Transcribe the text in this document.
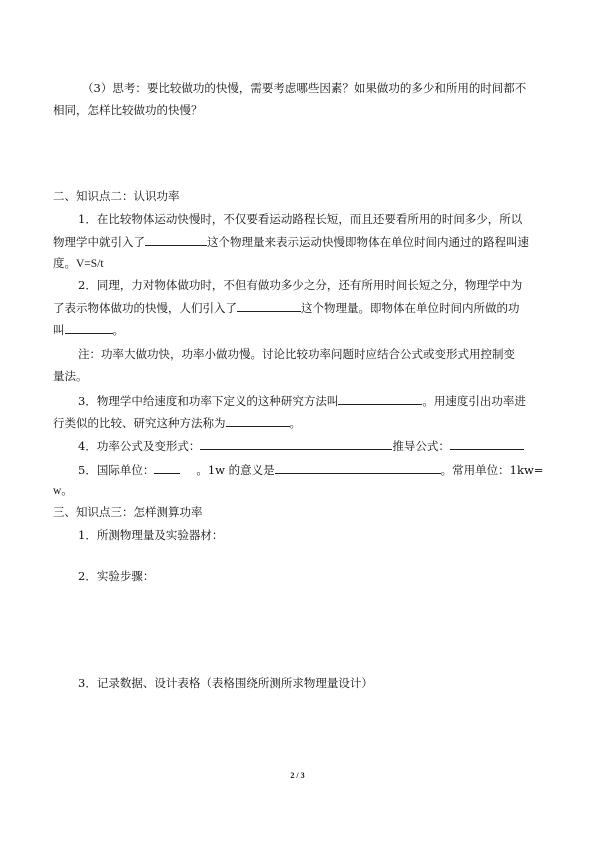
（3）思考：要比较做功的快慢，需要考虑哪些因素？如果做功的多少和所用的时间都不
相同，怎样比较做功的快慢？
二、知识点二：认识功率
1．在比较物体运动快慢时，不仅要看运动路程长短，而且还要看所用的时间多少，所以
物理学中就引入了	这个物理量来表示运动快慢即物体在单位时间内通过的路程叫速
度。V=S/t
2．同理，力对物体做功时，不但有做功多少之分，还有所用时间长短之分，物理学中为
了表示物体做功的快慢，人们引入了	这个物理量。即物体在单位时间内所做的功
叫	。
注：功率大做功快，功率小做功慢。讨论比较功率问题时应结合公式或变形式用控制变
量法。
3．物理学中给速度和功率下定义的这种研究方法叫	。用速度引出功率进
行类似的比较、研究这种方法称为	。
4．功率公式及变形式：	推导公式：
5．国际单位：	。1w 的意义是	。常用单位：1kw=
w。
三、知识点三：怎样测算功率
1．所测物理量及实验器材：
2．实验步骤：
3．记录数据、设计表格（表格围绕所测所求物理量设计）
2 / 3
